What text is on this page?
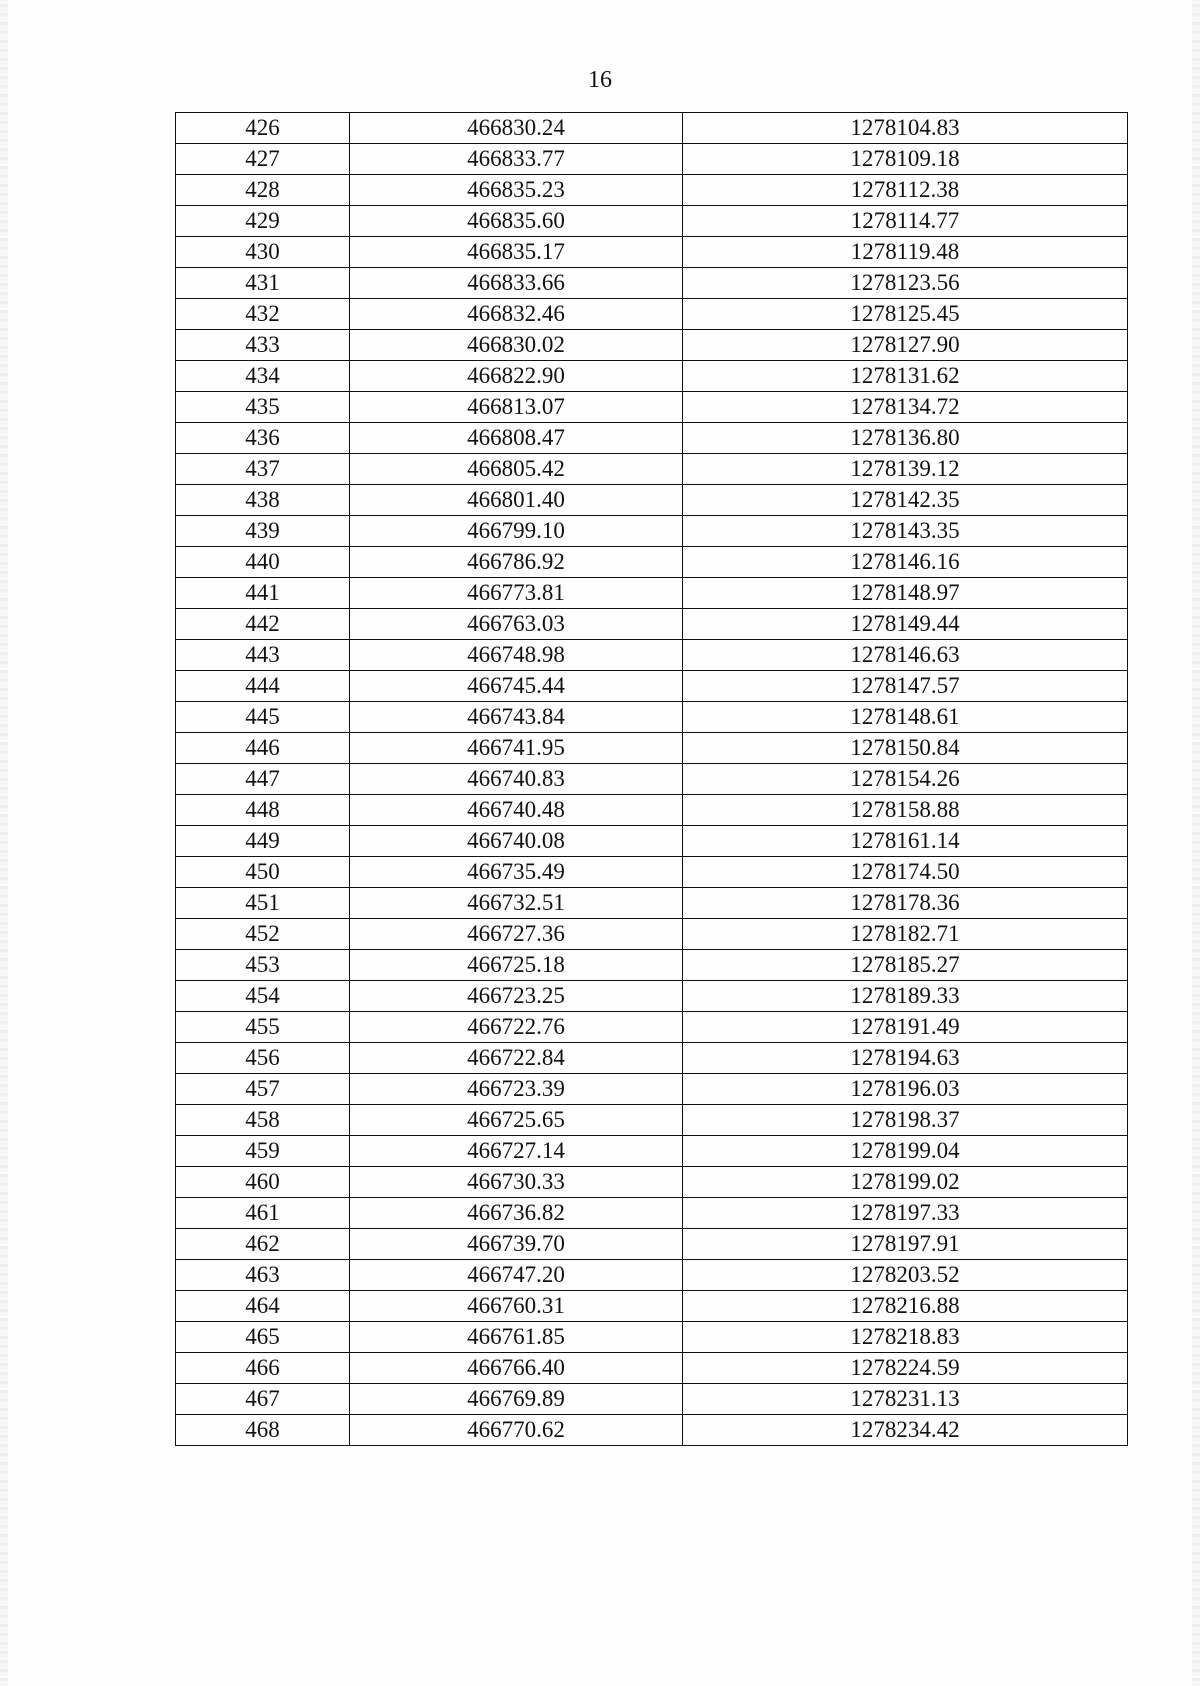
16
426	466830.24	1278104.83
427	466833.77	1278109.18
428	466835.23	1278112.38
429	466835.60	1278114.77
430	466835.17	1278119.48
431	466833.66	1278123.56
432	466832.46	1278125.45
433	466830.02	1278127.90
434	466822.90	1278131.62
435	466813.07	1278134.72
436	466808.47	1278136.80
437	466805.42	1278139.12
438	466801.40	1278142.35
439	466799.10	1278143.35
440	466786.92	1278146.16
441	466773.81	1278148.97
442	466763.03	1278149.44
443	466748.98	1278146.63
444	466745.44	1278147.57
445	466743.84	1278148.61
446	466741.95	1278150.84
447	466740.83	1278154.26
448	466740.48	1278158.88
449	466740.08	1278161.14
450	466735.49	1278174.50
451	466732.51	1278178.36
452	466727.36	1278182.71
453	466725.18	1278185.27
454	466723.25	1278189.33
455	466722.76	1278191.49
456	466722.84	1278194.63
457	466723.39	1278196.03
458	466725.65	1278198.37
459	466727.14	1278199.04
460	466730.33	1278199.02
461	466736.82	1278197.33
462	466739.70	1278197.91
463	466747.20	1278203.52
464	466760.31	1278216.88
465	466761.85	1278218.83
466	466766.40	1278224.59
467	466769.89	1278231.13
468	466770.62	1278234.42
